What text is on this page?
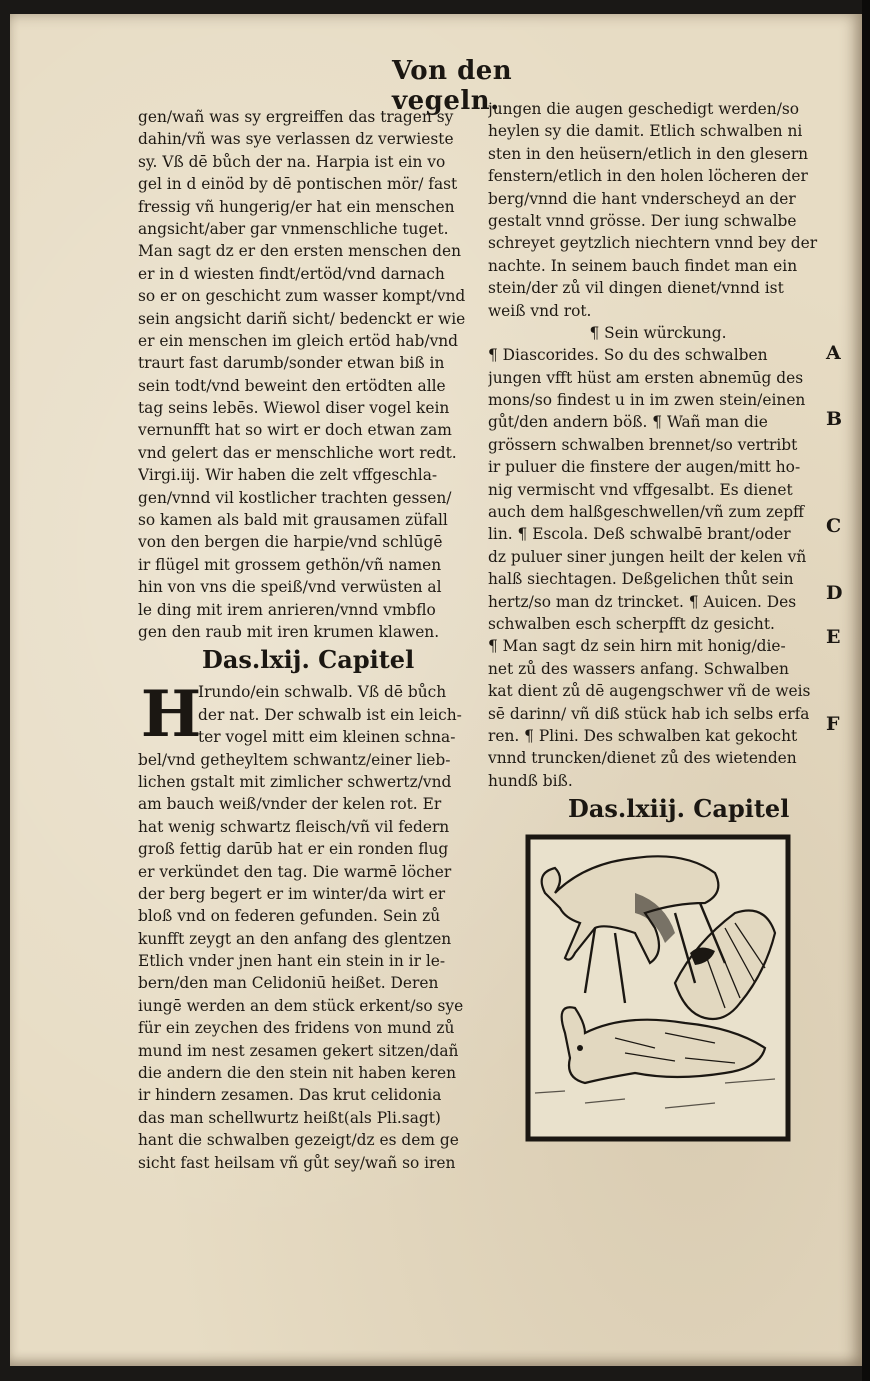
Von den vegeln.
gen/wañ was sy ergreiffen das tragen sy
dahin/vñ was sye verlassen dz verwieste
sy. Vß dē bůch der na. Harpia ist ein vo
gel in d einöd by dē pontischen mör/ fast
fressig vñ hungerig/er hat ein menschen
angsicht/aber gar vnmenschliche tuget.
Man sagt dz er den ersten menschen den
er in d wiesten findt/ertöd/vnd darnach
so er on geschicht zum wasser kompt/vnd
sein angsicht dariñ sicht/ bedenckt er wie
er ein menschen im gleich ertöd hab/vnd
traurt fast darumb/sonder etwan biß in
sein todt/vnd beweint den ertödten alle
tag seins lebēs. Wiewol diser vogel kein
vernunfft hat so wirt er doch etwan zam
vnd gelert das er menschliche wort redt.
Virgi.iij. Wir haben die zelt vffgeschla-
gen/vnnd vil kostlicher trachten gessen/
so kamen als bald mit grausamen züfall
von den bergen die harpie/vnd schlūgē
ir flügel mit grossem gethön/vñ namen
hin von vns die speiß/vnd verwüsten al
le ding mit irem anrieren/vnnd vmbflo
gen den raub mit iren krumen klawen.
Das.lxij. Capitel
Irundo/ein schwalb. Vß dē bůch
der nat. Der schwalb ist ein leich-
ter vogel mitt eim kleinen schna-
bel/vnd getheyltem schwantz/einer lieb-
lichen gstalt mit zimlicher schwertz/vnd
am bauch weiß/vnder der kelen rot. Er
hat wenig schwartz fleisch/vñ vil federn
groß fettig darūb hat er ein ronden flug
er verkündet den tag. Die warmē löcher
der berg begert er im winter/da wirt er
bloß vnd on federen gefunden. Sein zů
kunfft zeygt an den anfang des glentzen
Etlich vnder jnen hant ein stein in ir le-
bern/den man Celidoniū heißet. Deren
iungē werden an dem stück erkent/so sye
für ein zeychen des fridens von mund zů
mund im nest zesamen gekert sitzen/dañ
die andern die den stein nit haben keren
ir hindern zesamen. Das krut celidonia
das man schellwurtz heißt(als Pli.sagt)
hant die schwalben gezeigt/dz es dem ge
sicht fast heilsam vñ gůt sey/wañ so iren
H
jungen die augen geschedigt werden/so
heylen sy die damit. Etlich schwalben ni
sten in den heüsern/etlich in den glesern
fenstern/etlich in den holen löcheren der
berg/vnnd die hant vnderscheyd an der
gestalt vnnd grösse. Der iung schwalbe
schreyet geytzlich niechtern vnnd bey der
nachte. In seinem bauch findet man ein
stein/der zů vil dingen dienet/vnnd ist
weiß vnd rot.
¶ Sein würckung.
¶ Diascorides. So du des schwalben
jungen vfft hüst am ersten abnemūg des
mons/so findest u in im zwen stein/einen
gůt/den andern böß. ¶ Wañ man die
grössern schwalben brennet/so vertribt
ir puluer die finstere der augen/mitt ho-
nig vermischt vnd vffgesalbt. Es dienet
auch dem halßgeschwellen/vñ zum zepff
lin. ¶ Escola. Deß schwalbē brant/oder
dz puluer siner jungen heilt der kelen vñ
halß siechtagen. Deßgelichen thůt sein
hertz/so man dz trincket. ¶ Auicen. Des
schwalben esch scherpfft dz gesicht.
¶ Man sagt dz sein hirn mit honig/die-
net zů des wassers anfang. Schwalben
kat dient zů dē augengschwer vñ de weis
sē darinn/ vñ diß stück hab ich selbs erfa
ren. ¶ Plini. Des schwalben kat gekocht
vnnd truncken/dienet zů des wietenden
hundß biß.
Das.lxiij. Capitel
A
B
C
D
E
F
